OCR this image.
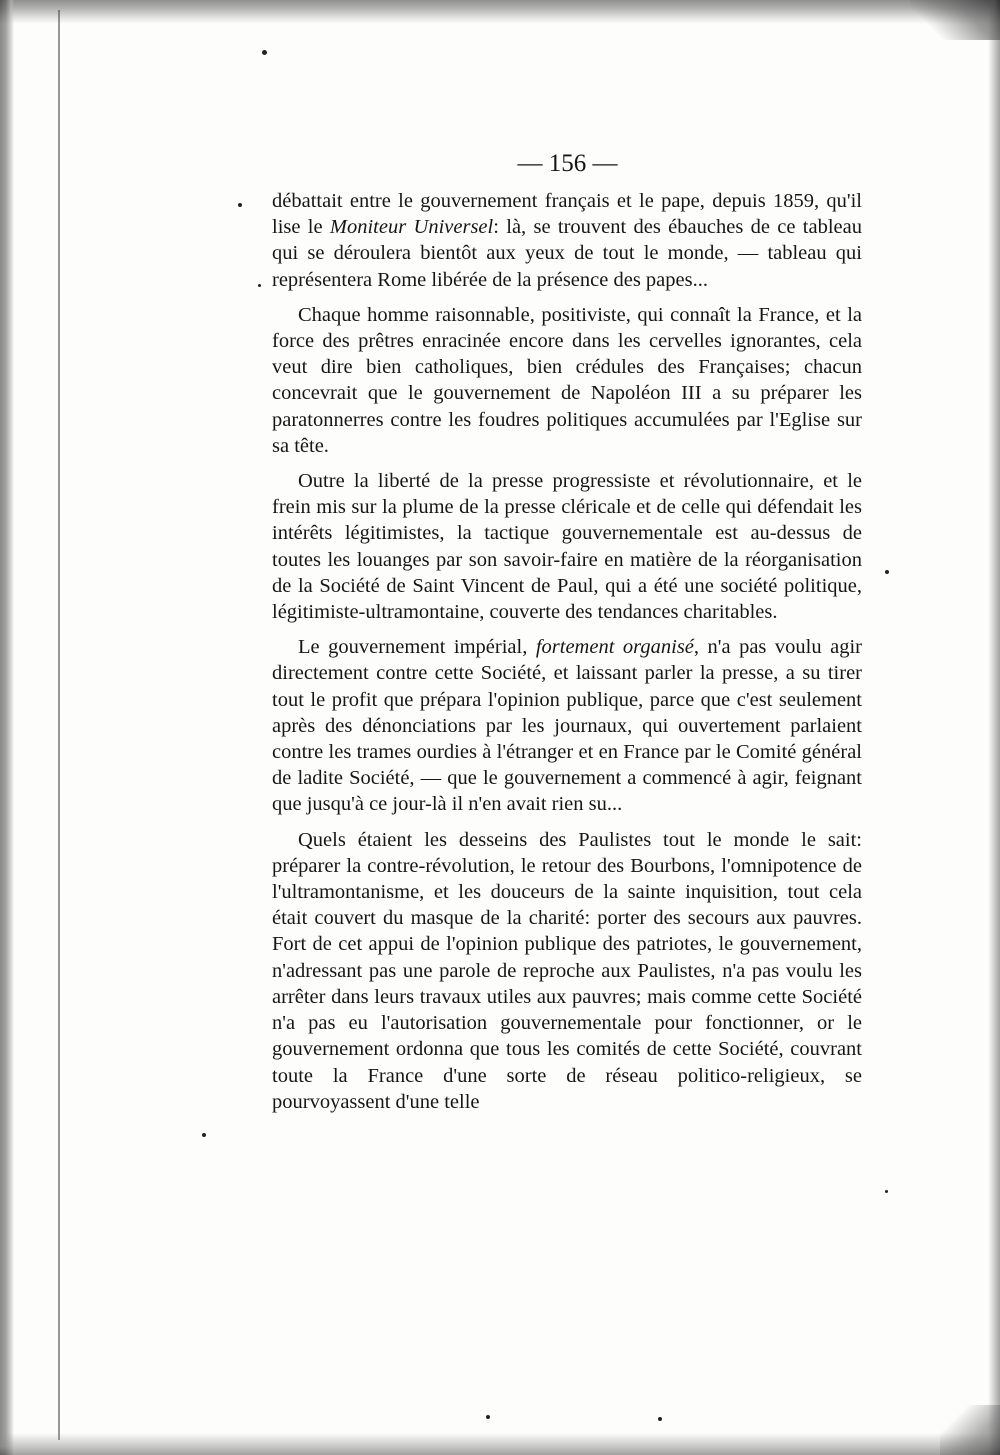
— 156 —

débattait entre le gouvernement français et le pape, depuis 1859, qu'il lise le Moniteur Universel: là, se trouvent des ébauches de ce tableau qui se déroulera bientôt aux yeux de tout le monde, — tableau qui représentera Rome libérée de la présence des papes...

Chaque homme raisonnable, positiviste, qui connaît la France, et la force des prêtres enracinée encore dans les cervelles ignorantes, cela veut dire bien catholiques, bien crédules des Françaises; chacun concevrait que le gouvernement de Napoléon III a su préparer les paratonnerres contre les foudres politiques accumulées par l'Eglise sur sa tête.

Outre la liberté de la presse progressiste et révolutionnaire, et le frein mis sur la plume de la presse cléricale et de celle qui défendait les intérêts légitimistes, la tactique gouvernementale est au-dessus de toutes les louanges par son savoir-faire en matière de la réorganisation de la Société de Saint Vincent de Paul, qui a été une société politique, légitimiste-ultramontaine, couverte des tendances charitables.

Le gouvernement impérial, fortement organisé, n'a pas voulu agir directement contre cette Société, et laissant parler la presse, a su tirer tout le profit que prépara l'opinion publique, parce que c'est seulement après des dénonciations par les journaux, qui ouvertement parlaient contre les trames ourdies à l'étranger et en France par le Comité général de ladite Société, — que le gouvernement a commencé à agir, feignant que jusqu'à ce jour-là il n'en avait rien su...

Quels étaient les desseins des Paulistes tout le monde le sait: préparer la contre-révolution, le retour des Bourbons, l'omnipotence de l'ultramontanisme, et les douceurs de la sainte inquisition, tout cela était couvert du masque de la charité: porter des secours aux pauvres. Fort de cet appui de l'opinion publique des patriotes, le gouvernement, n'adressant pas une parole de reproche aux Paulistes, n'a pas voulu les arrêter dans leurs travaux utiles aux pauvres; mais comme cette Société n'a pas eu l'autorisation gouvernementale pour fonctionner, or le gouvernement ordonna que tous les comités de cette Société, couvrant toute la France d'une sorte de réseau politico-religieux, se pourvoyassent d'une telle
